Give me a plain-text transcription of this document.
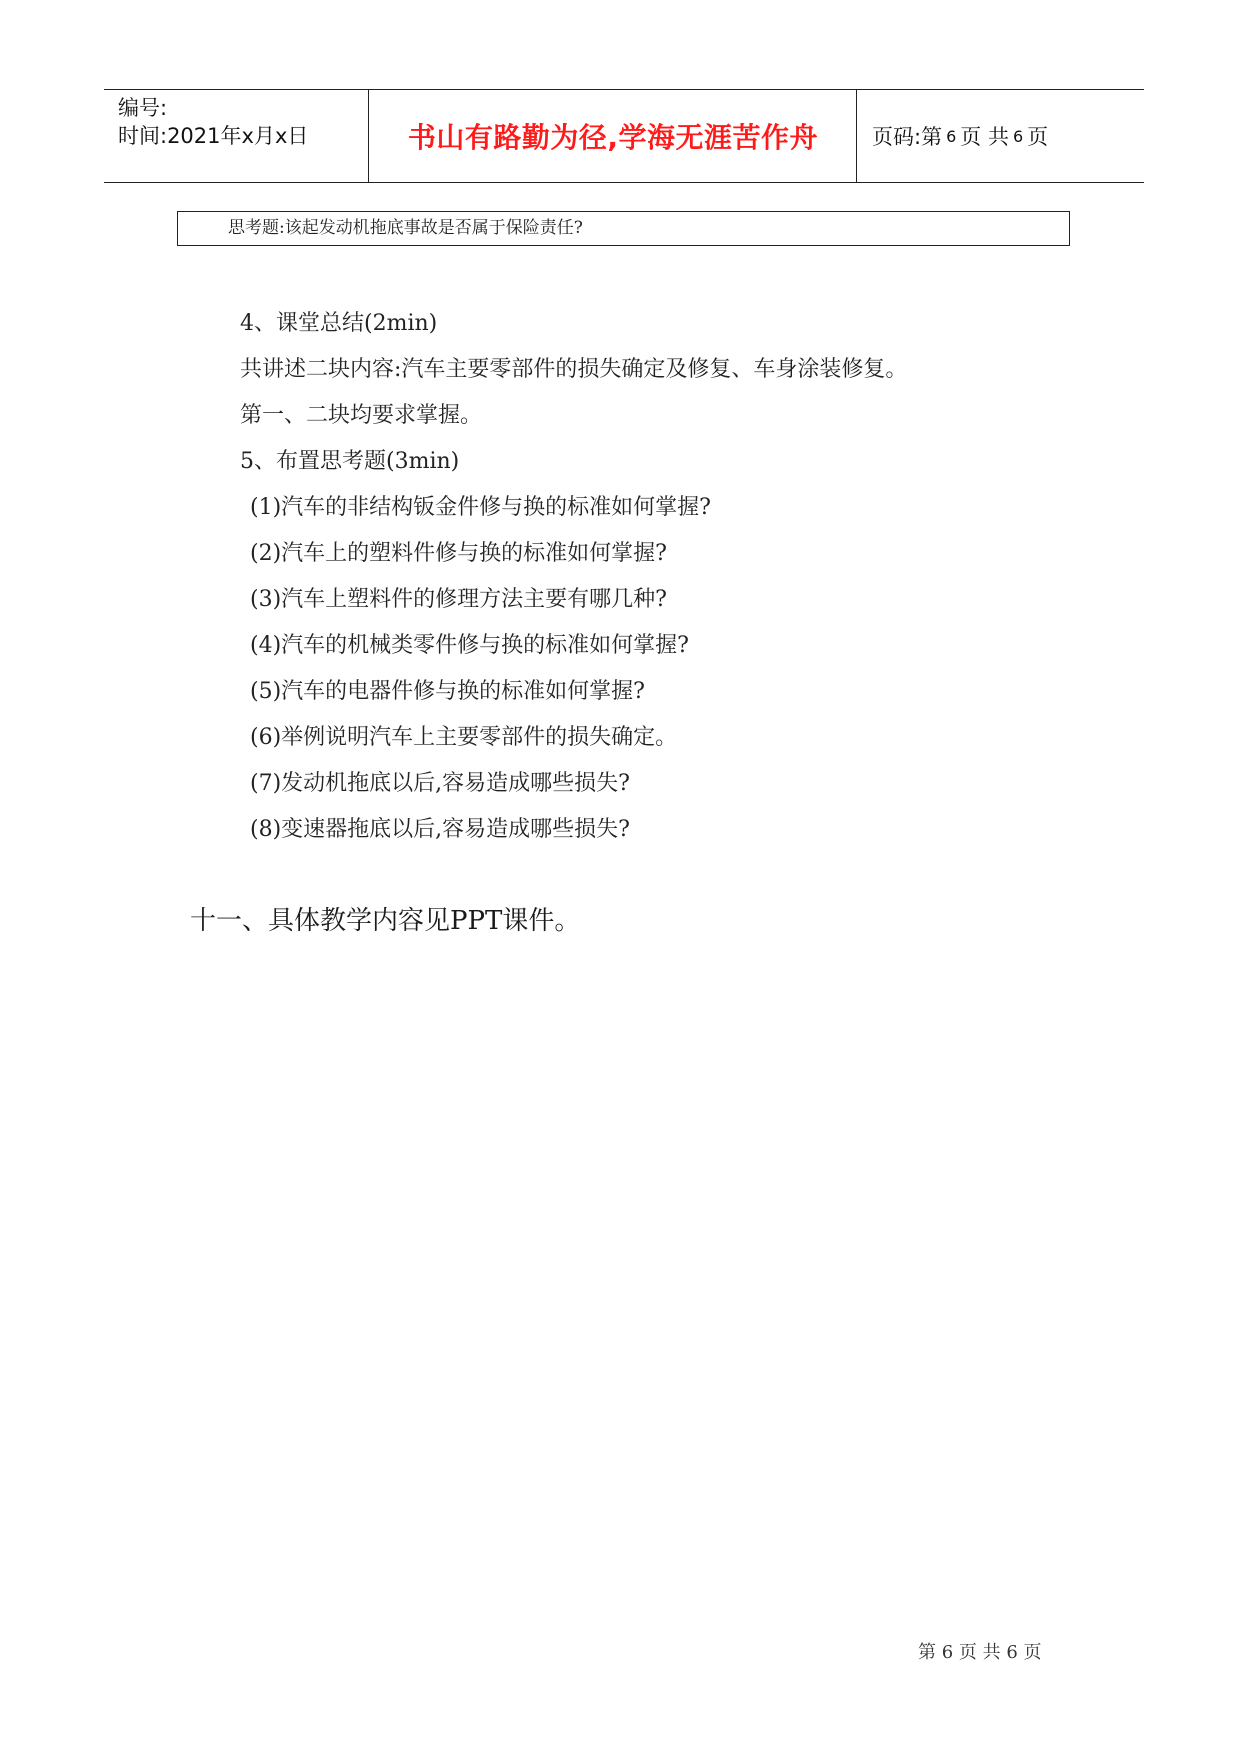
编号:
时间:2021年x月x日	书山有路勤为径,学海无涯苦作舟	页码:第 6 页 共 6 页
思考题:该起发动机拖底事故是否属于保险责任?
4、课堂总结(2min)
共讲述二块内容:汽车主要零部件的损失确定及修复、车身涂装修复。
第一、二块均要求掌握。
5、布置思考题(3min)
(1)汽车的非结构钣金件修与换的标准如何掌握?
(2)汽车上的塑料件修与换的标准如何掌握?
(3)汽车上塑料件的修理方法主要有哪几种?
(4)汽车的机械类零件修与换的标准如何掌握?
(5)汽车的电器件修与换的标准如何掌握?
(6)举例说明汽车上主要零部件的损失确定。
(7)发动机拖底以后,容易造成哪些损失?
(8)变速器拖底以后,容易造成哪些损失?
十一、具体教学内容见PPT课件。
第 6 页 共 6 页
